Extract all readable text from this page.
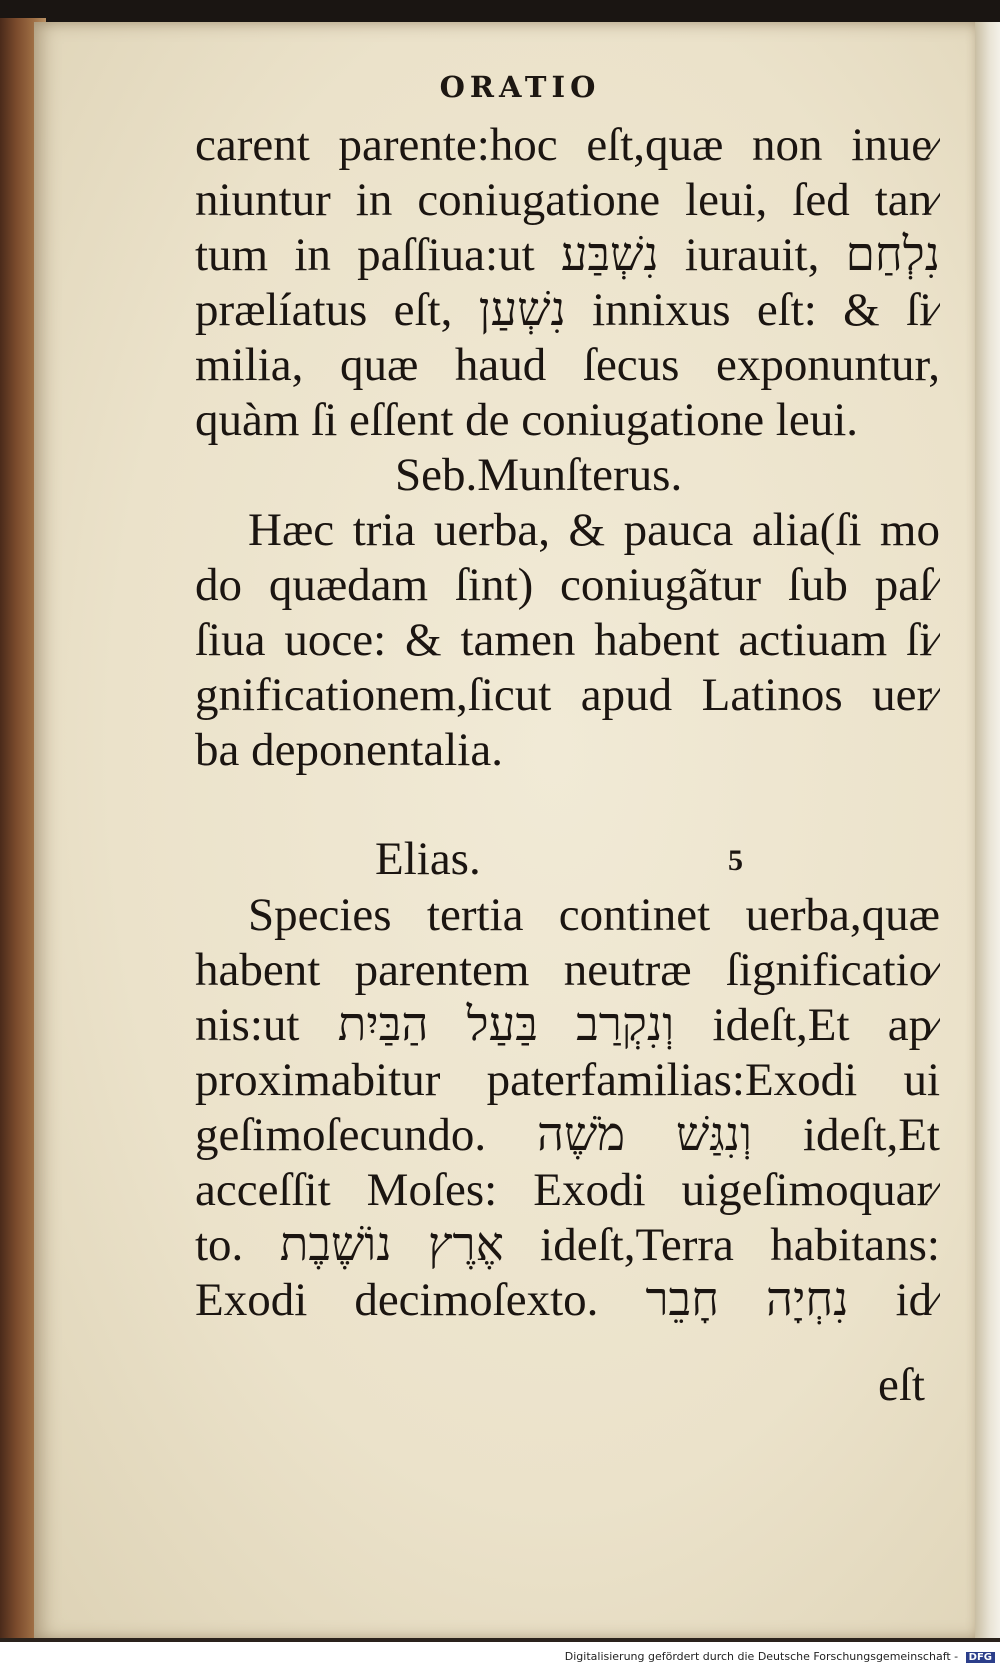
ORATIO
carent parente:hoc eſt,quæ non inue⁄
niuntur in coniugatione leui, ſed tan⁄
tum in paſſiua:ut נִשְׁבַּע iurauit, נִלְחַם
prælíatus eſt, נִשְׁעַן innixus eſt: & ſi⁄
milia, quæ haud ſecus exponuntur,
quàm ſi eſſent de coniugatione leui.
Seb.Munſterus.
Hæc tria uerba, & pauca alia(ſi mo
do quædam ſint) coniugãtur ſub paſ⁄
ſiua uoce: & tamen habent actiuam ſi⁄
gnificationem,ſicut apud Latinos uer⁄
ba deponentalia.
Elias.
Species tertia continet uerba,quæ
habent parentem neutræ ſignificatio⁄
nis:ut וְנִקְרַב בַּעַל הַבַּיִת ideſt,Et ap⁄
proximabitur paterfamilias:Exodi ui
geſimoſecundo. וְנִגַּשׁ מֹשֶׁה ideſt,Et
acceſſit Moſes: Exodi uigeſimoquar⁄
to. אֶרֶץ נוֹשֶׁבֶת ideſt,Terra habitans:
Exodi decimoſexto. נִחְיָה חָבֵר id⁄
5
eſt
Digitalisierung gefördert durch die Deutsche Forschungsgemeinschaft - DFG
